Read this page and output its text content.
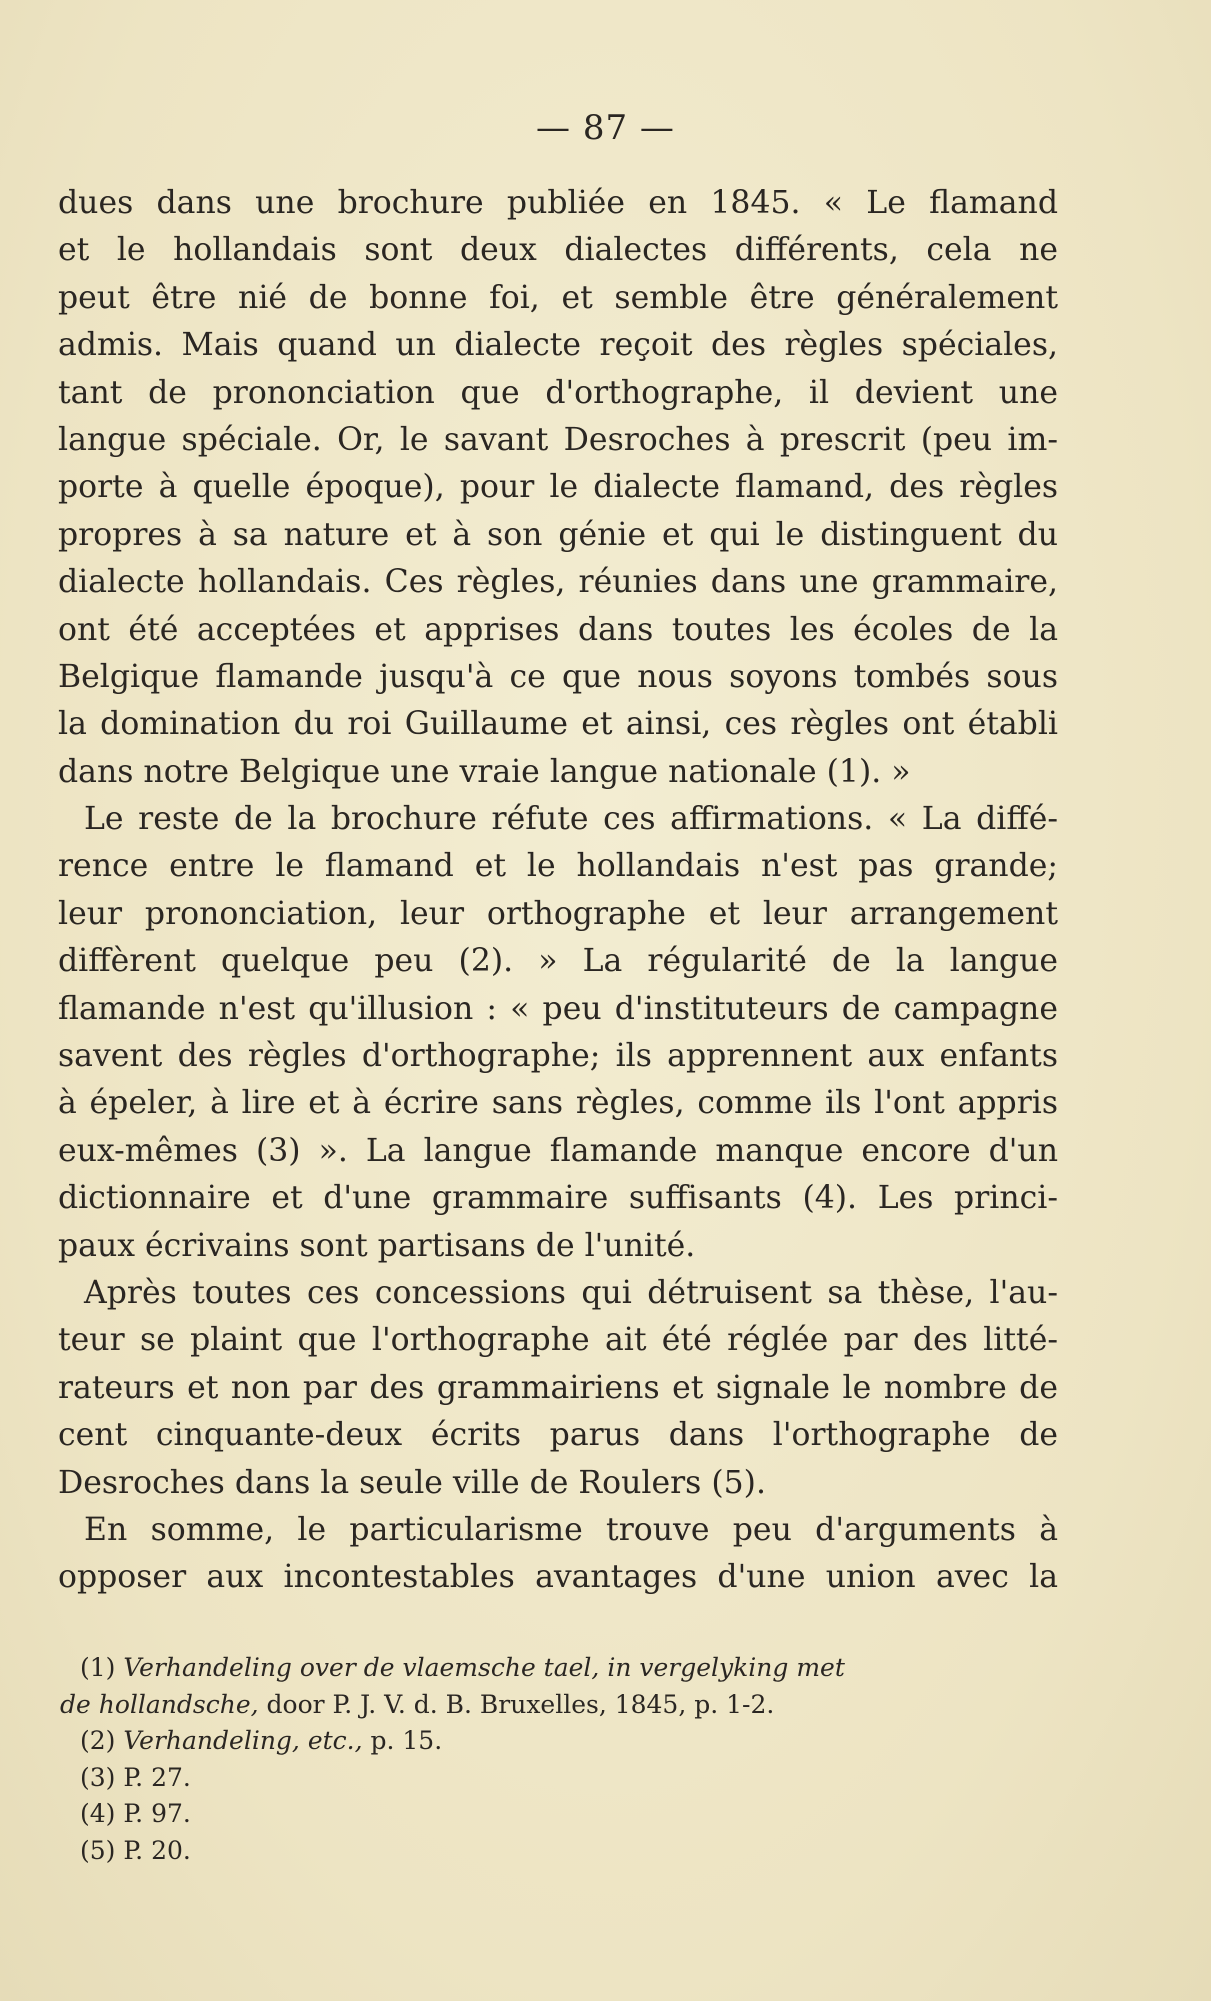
— 87 —
dues dans une brochure publiée en 1845. « Le flamand
et le hollandais sont deux dialectes différents, cela ne
peut être nié de bonne foi, et semble être généralement
admis. Mais quand un dialecte reçoit des règles spéciales,
tant de prononciation que d'orthographe, il devient une
langue spéciale. Or, le savant Desroches à prescrit (peu im-
porte à quelle époque), pour le dialecte flamand, des règles
propres à sa nature et à son génie et qui le distinguent du
dialecte hollandais. Ces règles, réunies dans une grammaire,
ont été acceptées et apprises dans toutes les écoles de la
Belgique flamande jusqu'à ce que nous soyons tombés sous
la domination du roi Guillaume et ainsi, ces règles ont établi
dans notre Belgique une vraie langue nationale (1). »
Le reste de la brochure réfute ces affirmations. « La diffé-
rence entre le flamand et le hollandais n'est pas grande;
leur prononciation, leur orthographe et leur arrangement
diffèrent quelque peu (2). » La régularité de la langue
flamande n'est qu'illusion : « peu d'instituteurs de campagne
savent des règles d'orthographe; ils apprennent aux enfants
à épeler, à lire et à écrire sans règles, comme ils l'ont appris
eux-mêmes (3) ». La langue flamande manque encore d'un
dictionnaire et d'une grammaire suffisants (4). Les princi-
paux écrivains sont partisans de l'unité.
Après toutes ces concessions qui détruisent sa thèse, l'au-
teur se plaint que l'orthographe ait été réglée par des litté-
rateurs et non par des grammairiens et signale le nombre de
cent cinquante-deux écrits parus dans l'orthographe de
Desroches dans la seule ville de Roulers (5).
En somme, le particularisme trouve peu d'arguments à
opposer aux incontestables avantages d'une union avec la
(1) Verhandeling over de vlaemsche tael, in vergelyking met
de hollandsche, door P. J. V. d. B. Bruxelles, 1845, p. 1-2.
(2) Verhandeling, etc., p. 15.
(3) P. 27.
(4) P. 97.
(5) P. 20.
